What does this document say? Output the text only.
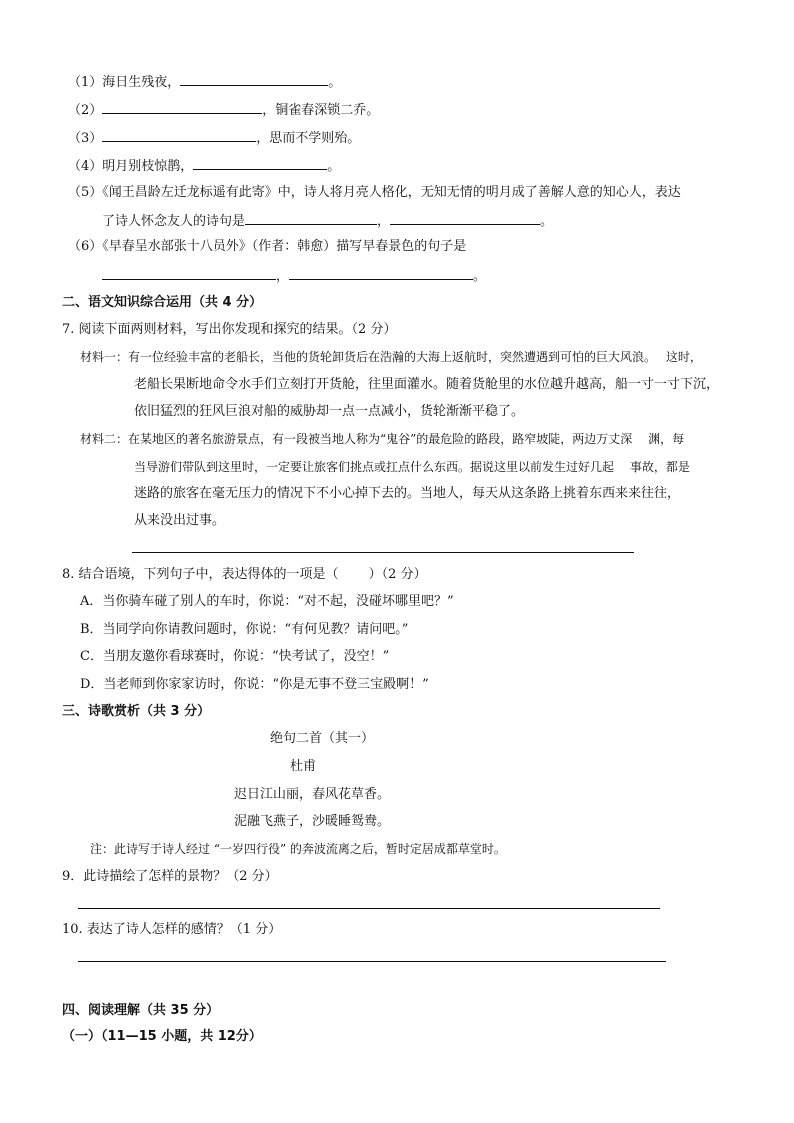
（1）海日生残夜，	。
（2）	，铜雀春深锁二乔。
（3）	，思而不学则殆。
（4）明月别枝惊鹊，	。
（5）《闻王昌龄左迁龙标遥有此寄》中，诗人将月亮人格化，无知无情的明月成了善解人意的知心人，表达
了诗人怀念友人的诗句是	，	。
（6）《早春呈水部张十八员外》（作者：韩愈）描写早春景色的句子是
，	。
二、语文知识综合运用（共 4 分）
7. 阅读下面两则材料，写出你发现和探究的结果。（2 分）
材料一：有一位经验丰富的老船长，当他的货轮卸货后在浩瀚的大海上返航时，突然遭遇到可怕的巨大风浪。　 这时，
老船长果断地命令水手们立刻打开货舱，往里面灌水。随着货舱里的水位越升越高，船一寸一寸下沉，
依旧猛烈的狂风巨浪对船的威胁却一点一点减小，货轮渐渐平稳了。
材料二：在某地区的著名旅游景点，有一段被当地人称为“鬼谷”的最危险的路段，路窄坡陡，两边万丈深　 渊，每
当导游们带队到这里时，一定要让旅客们挑点或扛点什么东西。据说这里以前发生过好几起　 事故，都是
迷路的旅客在毫无压力的情况下不小心掉下去的。当地人，每天从这条路上挑着东西来来往往，
从来没出过事。
8. 结合语境，下列句子中，表达得体的一项是（　　 ）（2 分）
A．当你骑车碰了别人的车时，你说：“对不起，没碰坏哪里吧？”
B．当同学向你请教问题时，你说：“有何见教？请问吧。”
C．当朋友邀你看球赛时，你说：“快考试了，没空！”
D．当老师到你家家访时，你说：“你是无事不登三宝殿啊！”
三、诗歌赏析（共 3 分）
绝句二首（其一）
杜甫
迟日江山丽，春风花草香。
泥融飞燕子，沙暖睡鸳鸯。
注：此诗写于诗人经过 “一岁四行役” 的奔波流离之后，暂时定居成都草堂时。
9．此诗描绘了怎样的景物？（2 分）
10. 表达了诗人怎样的感情？（1 分）
四、阅读理解（共 35 分）
（一）（11—15 小题，共 12分）
